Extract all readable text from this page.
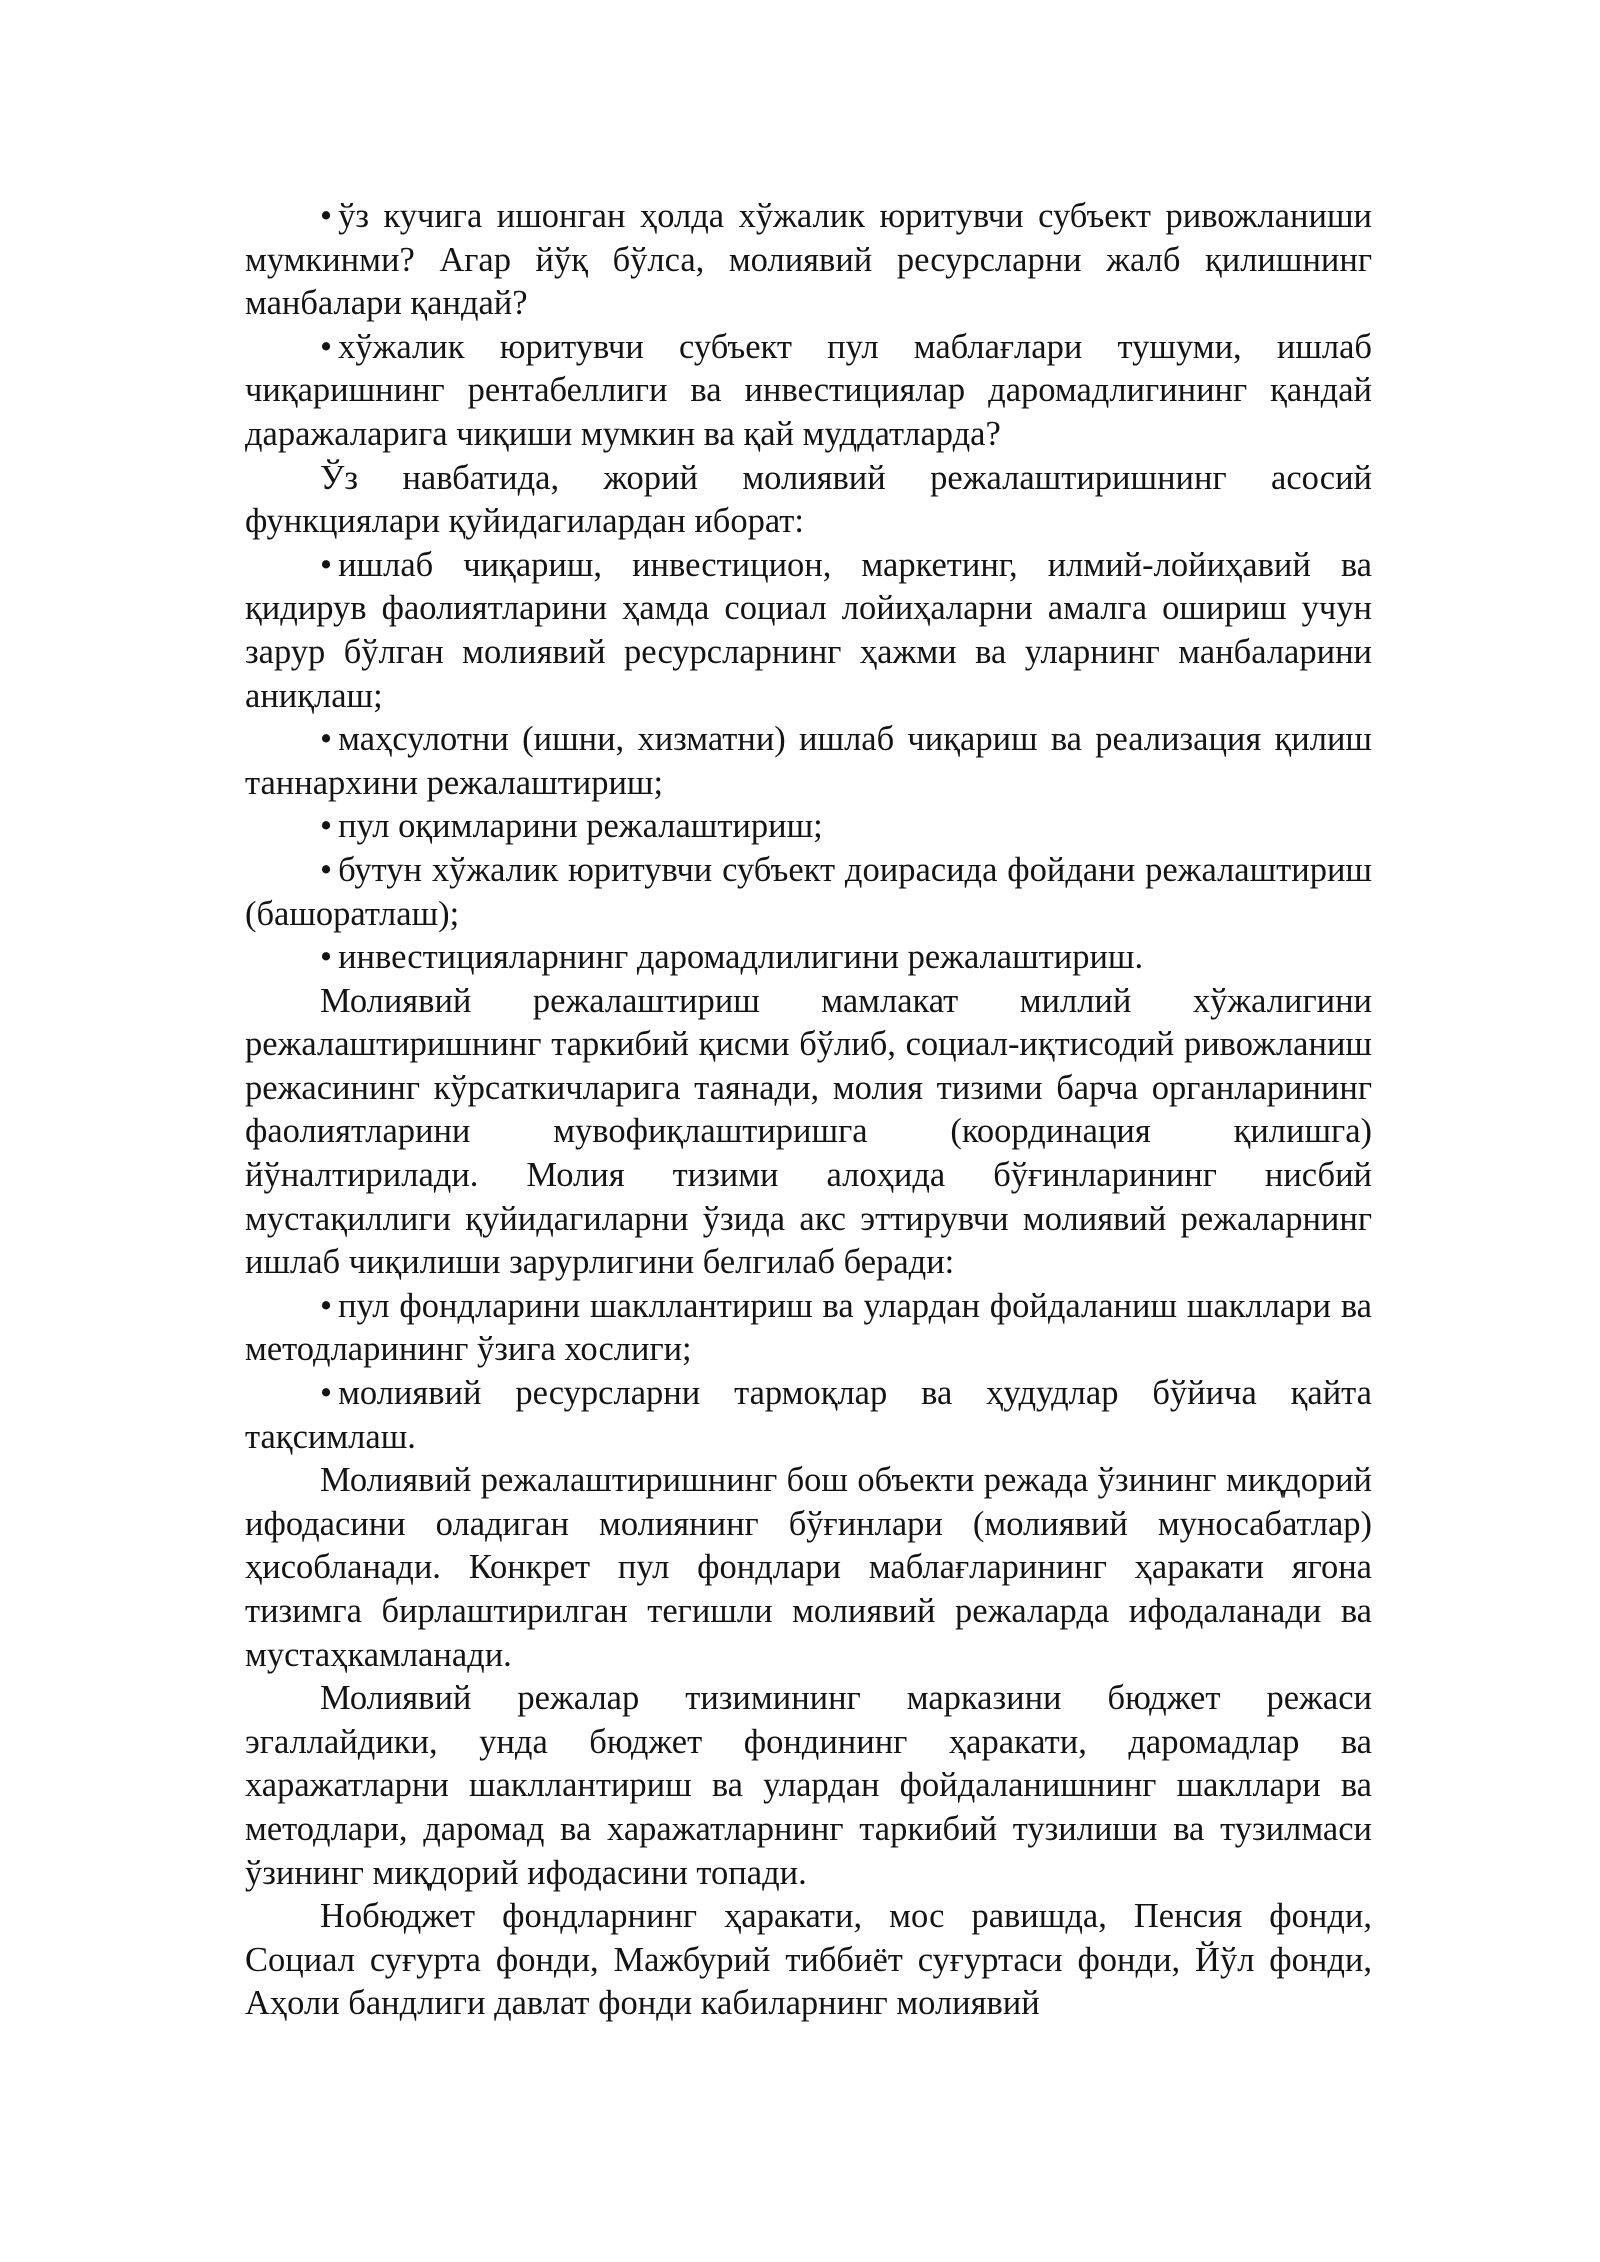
• ўз кучига ишонган ҳолда хўжалик юритувчи субъект ривожланиши мумкинми? Агар йўқ бўлса, молиявий ресурсларни жалб қилишнинг манбалари қандай?

• хўжалик юритувчи субъект пул маблағлари тушуми, ишлаб чиқаришнинг рентабеллиги ва инвестициялар даромадлигининг қандай даражаларига чиқиши мумкин ва қай муддатларда?

Ўз навбатида, жорий молиявий режалаштиришнинг асосий функциялари қуйидагилардан иборат:

• ишлаб чиқариш, инвестицион, маркетинг, илмий-лойиҳавий ва қидирув фаолиятларини ҳамда социал лойиҳаларни амалга ошириш учун зарур бўлган молиявий ресурсларнинг ҳажми ва уларнинг манбаларини аниқлаш;

• маҳсулотни (ишни, хизматни) ишлаб чиқариш ва реализация қилиш таннархини режалаштириш;

• пул оқимларини режалаштириш;

• бутун хўжалик юритувчи субъект доирасида фойдани режалаштириш (башоратлаш);

• инвестицияларнинг даромадлилигини режалаштириш.

Молиявий режалаштириш мамлакат миллий хўжалигини режалаштиришнинг таркибий қисми бўлиб, социал-иқтисодий ривожланиш режасининг кўрсаткичларига таянади, молия тизими барча органларининг фаолиятларини мувофиқлаштиришга (координация қилишга) йўналтирилади. Молия тизими алоҳида бўғинларининг нисбий мустақиллиги қуйидагиларни ўзида акс эттирувчи молиявий режаларнинг ишлаб чиқилиши зарурлигини белгилаб беради:

• пул фондларини шакллантириш ва улардан фойдаланиш шакллари ва методларининг ўзига хослиги;

• молиявий ресурсларни тармоқлар ва ҳудудлар бўйича қайта тақсимлаш.

Молиявий режалаштиришнинг бош объекти режада ўзининг миқдорий ифодасини оладиган молиянинг бўғинлари (молиявий муносабатлар) ҳисобланади. Конкрет пул фондлари маблағларининг ҳаракати ягона тизимга бирлаштирилган тегишли молиявий режаларда ифодаланади ва мустаҳкамланади.

Молиявий режалар тизимининг марказини бюджет режаси эгаллайдики, унда бюджет фондининг ҳаракати, даромадлар ва харажатларни шакллантириш ва улардан фойдаланишнинг шакллари ва методлари, даромад ва харажатларнинг таркибий тузилиши ва тузилмаси ўзининг миқдорий ифодасини топади.

Нобюджет фондларнинг ҳаракати, мос равишда, Пенсия фонди, Социал суғурта фонди, Мажбурий тиббиёт суғуртаси фонди, Йўл фонди, Аҳоли бандлиги давлат фонди кабиларнинг молиявий
